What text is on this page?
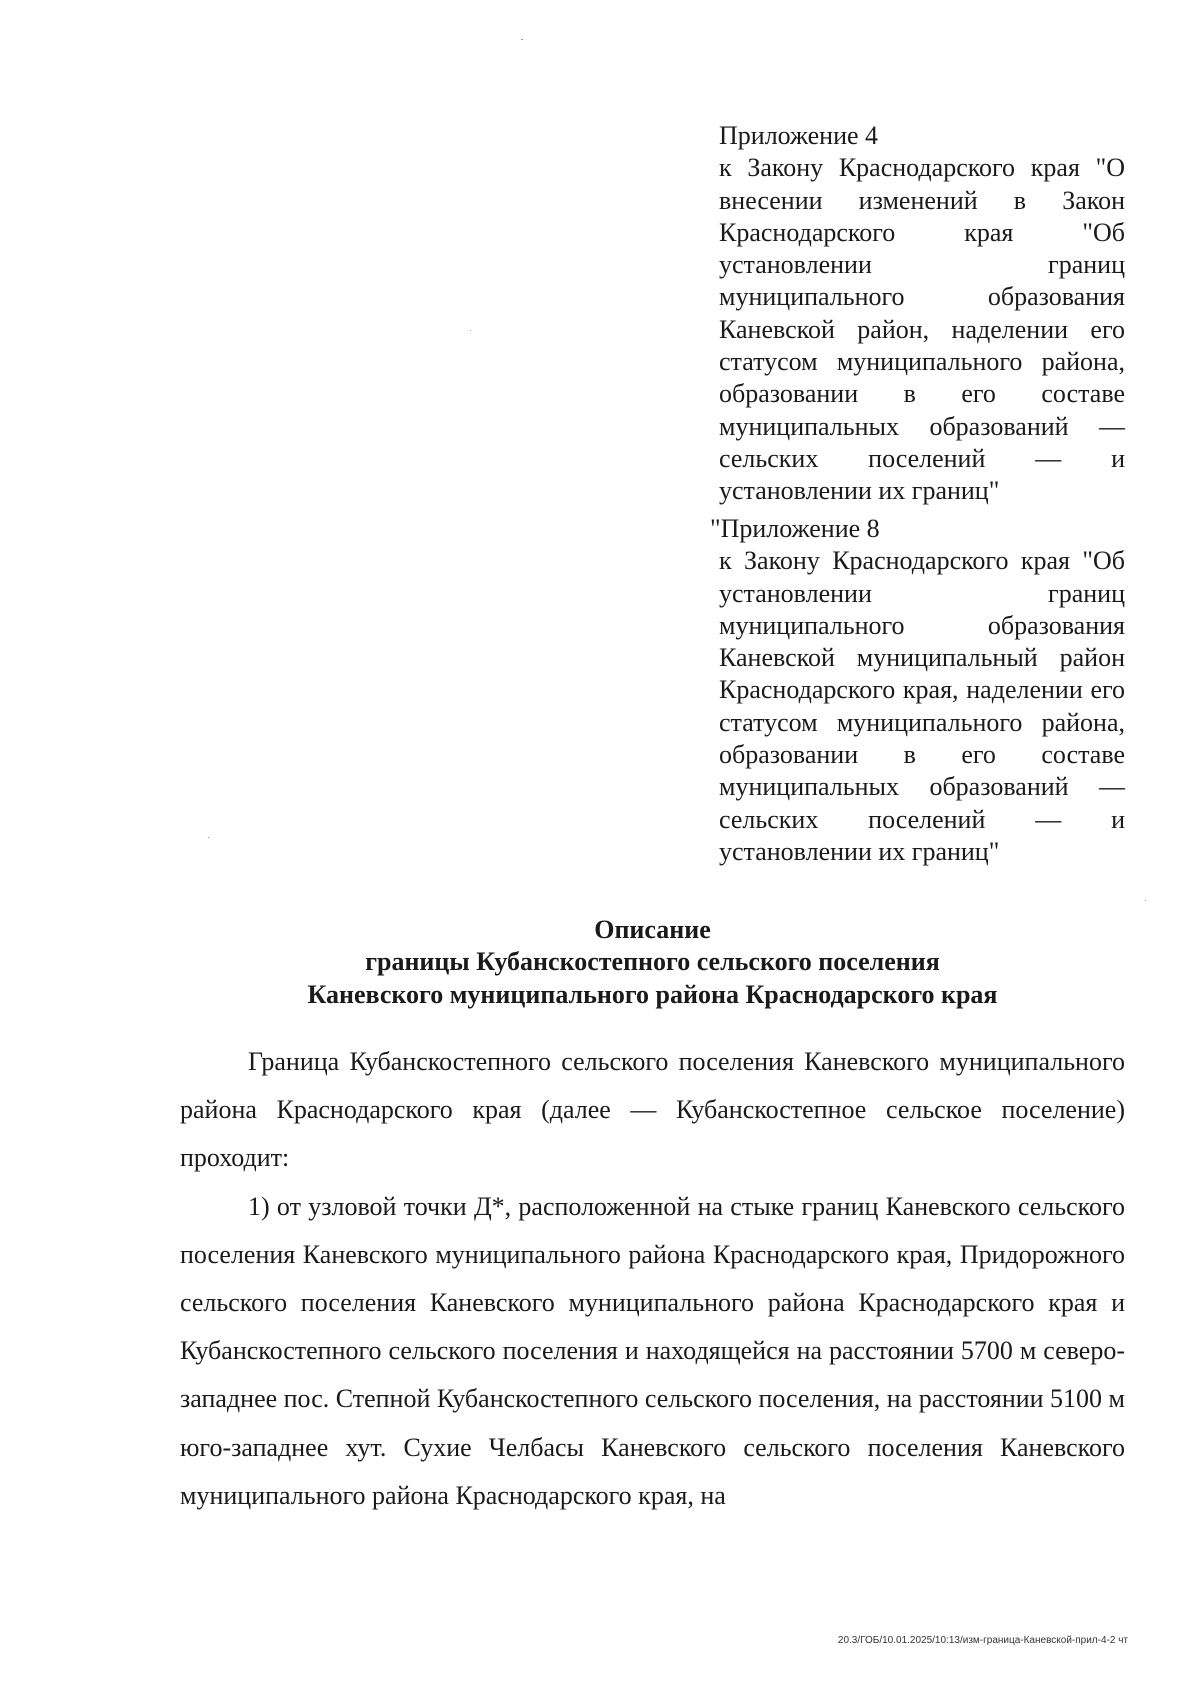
Приложение 4
к Закону Краснодарского края "О внесении изменений в Закон Краснодарского края "Об установлении границ муниципального образования Каневской район, наделении его статусом муниципального района, образовании в его составе муниципальных образований — сельских поселений — и установлении их границ"
"Приложение 8
к Закону Краснодарского края "Об установлении границ муниципального образования Каневской муниципальный район Краснодарского края, наделении его статусом муниципального района, образовании в его составе муниципальных образований — сельских поселений — и установлении их границ"
Описание
границы Кубанскостепного сельского поселения
Каневского муниципального района Краснодарского края

Граница Кубанскостепного сельского поселения Каневского муниципального района Краснодарского края (далее — Кубанскостепное сельское поселение) проходит:

1) от узловой точки Д*, расположенной на стыке границ Каневского сельского поселения Каневского муниципального района Краснодарского края, Придорожного сельского поселения Каневского муниципального района Краснодарского края и Кубанскостепного сельского поселения и находящейся на расстоянии 5700 м северо-западнее пос. Степной Кубанскостепного сельского поселения, на расстоянии 5100 м юго-западнее хут. Сухие Челбасы Каневского сельского поселения Каневского муниципального района Краснодарского края, на

20.3/ГОБ/10.01.2025/10:13/изм-граница-Каневской-прил-4-2 чт
